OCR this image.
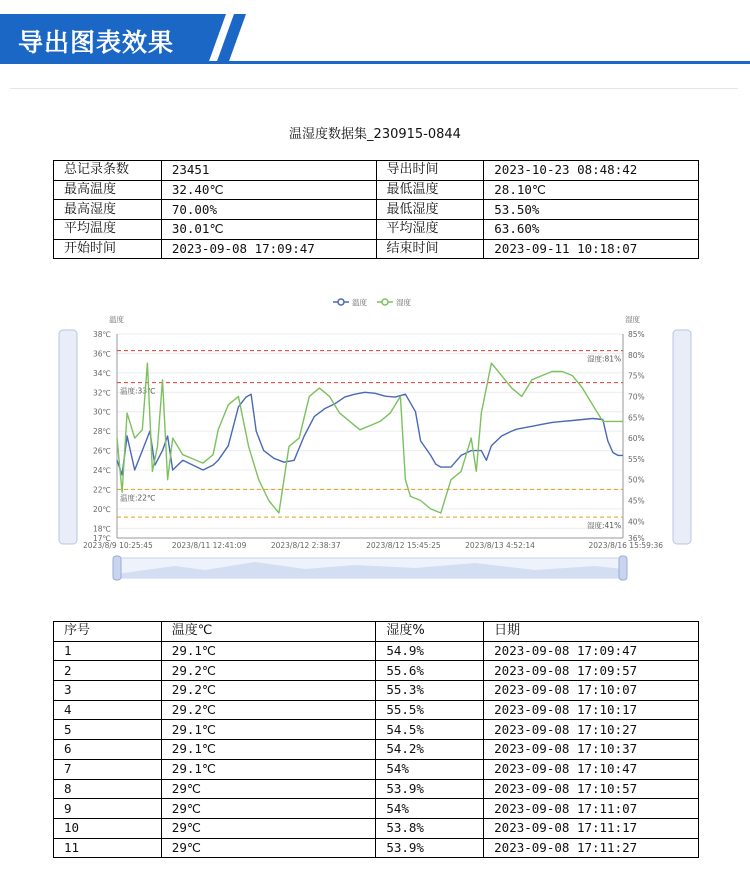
导出图表效果
温湿度数据集_230915-0844
总记录条数	23451	导出时间	2023-10-23 08:48:42
最高温度	32.40℃	最低温度	28.10℃
最高湿度	70.00%	最低湿度	53.50%
平均温度	30.01℃	平均湿度	63.60%
开始时间	2023-09-08 17:09:47	结束时间	2023-09-11 10:18:07
温度	湿度
温度	湿度
17℃
18℃
20℃
22℃
24℃
26℃
28℃
30℃
32℃
34℃
36℃
38℃
36%
40%
45%
50%
55%
60%
65%
70%
75%
80%
85%
2023/8/9 10:25:45	2023/8/11 12:41:09	2023/8/12 2:38:37	2023/8/12 15:45:25	2023/8/13 4:52:14	2023/8/16 15:59:36
温度:33℃
温度:22℃
湿度:81%
湿度:41%
序号	温度℃	湿度%	日期
1	29.1℃	54.9%	2023-09-08 17:09:47
2	29.2℃	55.6%	2023-09-08 17:09:57
3	29.2℃	55.3%	2023-09-08 17:10:07
4	29.2℃	55.5%	2023-09-08 17:10:17
5	29.1℃	54.5%	2023-09-08 17:10:27
6	29.1℃	54.2%	2023-09-08 17:10:37
7	29.1℃	54%	2023-09-08 17:10:47
8	29℃	53.9%	2023-09-08 17:10:57
9	29℃	54%	2023-09-08 17:11:07
10	29℃	53.8%	2023-09-08 17:11:17
11	29℃	53.9%	2023-09-08 17:11:27
